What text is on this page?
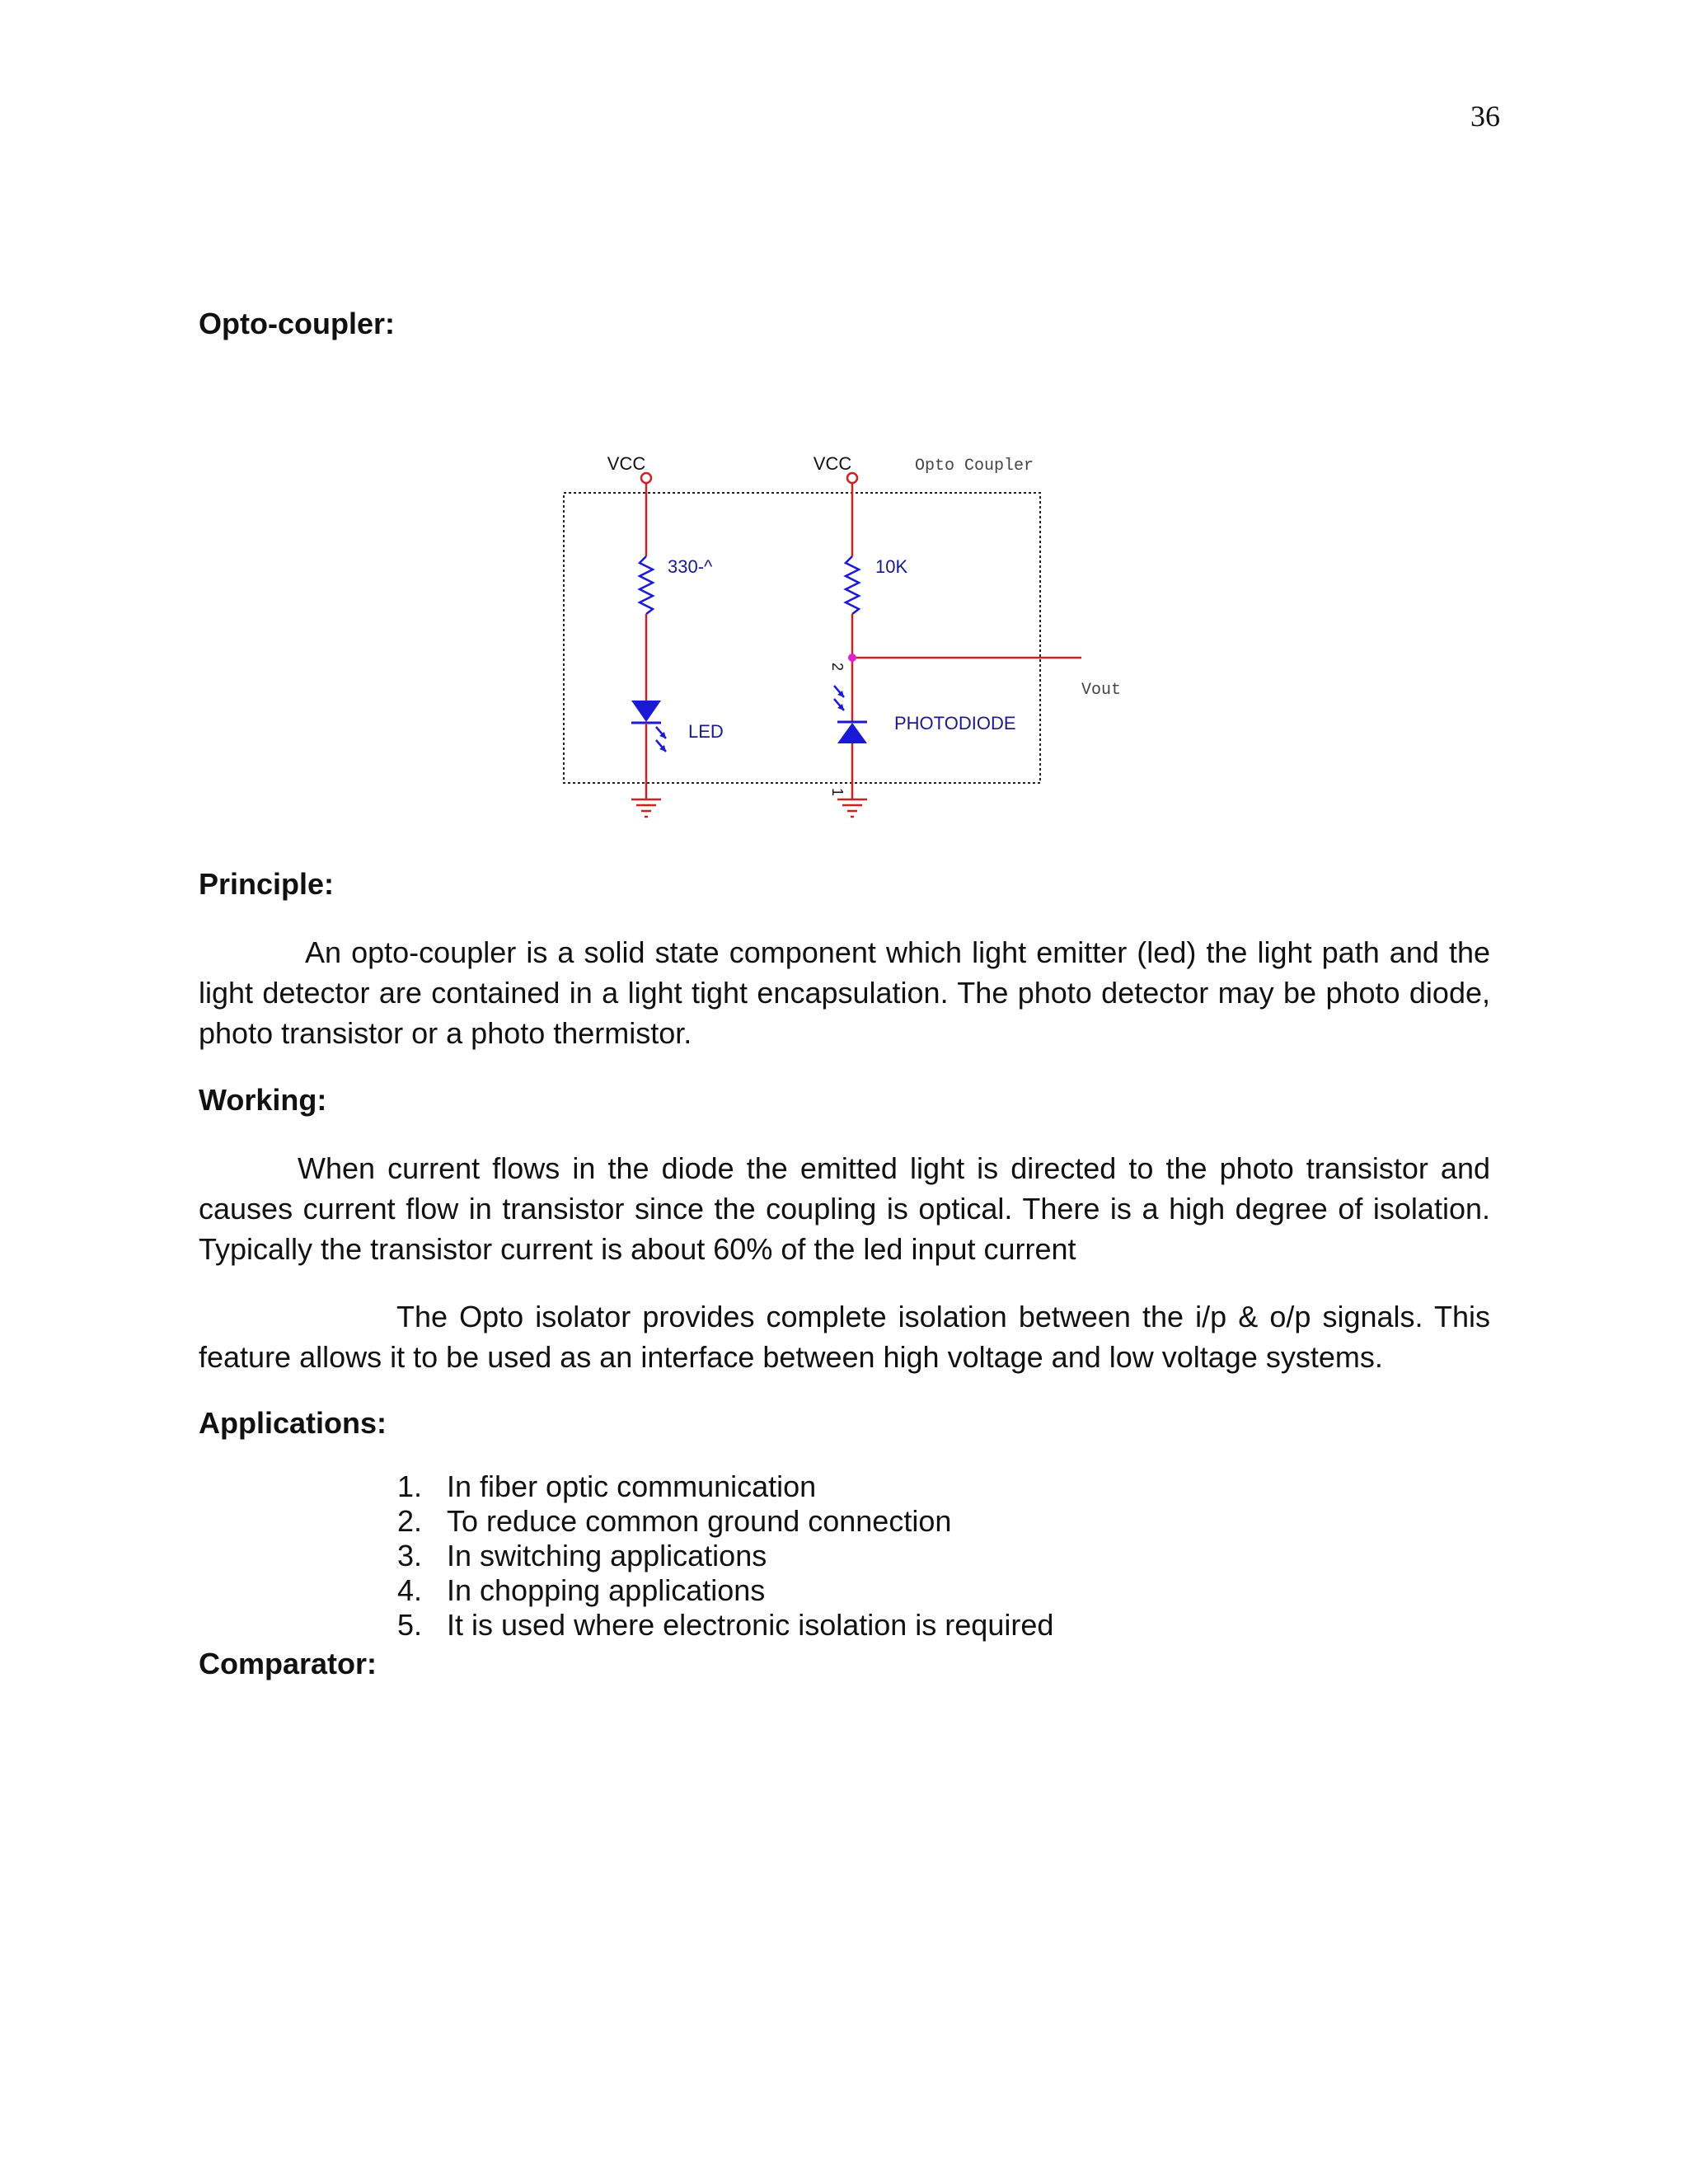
36
Opto-coupler:
VCC
330-^
LED
VCC	Opto Coupler
10K
2
Vout
PHOTODIODE
1
Principle:

An opto-coupler is a solid state component which light emitter (led) the light path and the light detector are contained in a light tight encapsulation. The photo detector may be photo diode, photo transistor or a photo thermistor.

Working:

When current flows in the diode the emitted light is directed to the photo transistor and causes current flow in transistor since the coupling is optical. There is a high degree of isolation. Typically the transistor current is about 60% of the led input current

The Opto isolator provides complete isolation between the i/p & o/p signals. This feature allows it to be used as an interface between high voltage and low voltage systems.

Applications:
1. In fiber optic communication
2. To reduce common ground connection
3. In switching applications
4. In chopping applications
5. It is used where electronic isolation is required
Comparator:
